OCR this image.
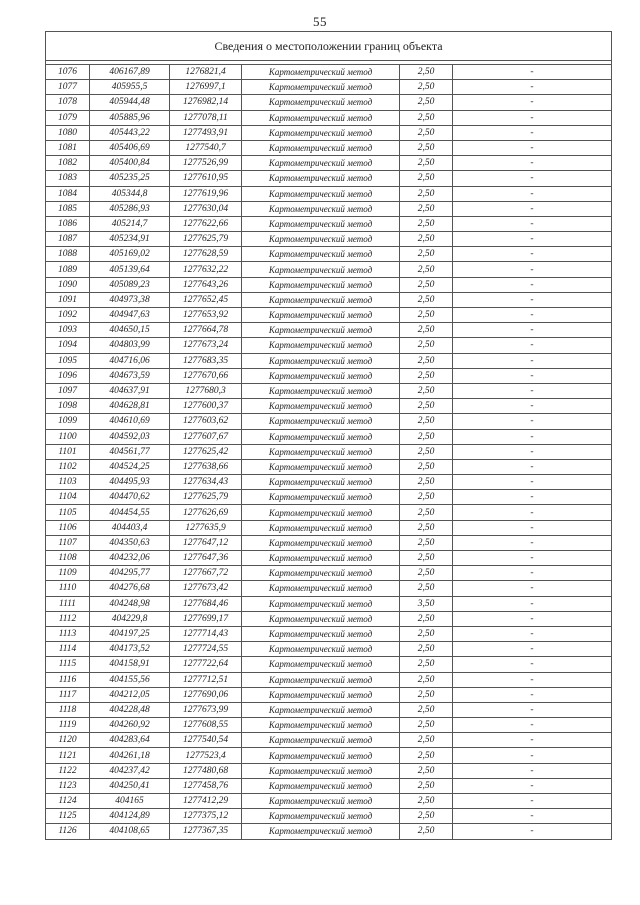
55
Сведения о местоположении границ объекта					

1076	406167,89	1276821,4	Картометрический метод	2,50	-
1077	405955,5	1276997,1	Картометрический метод	2,50	-
1078	405944,48	1276982,14	Картометрический метод	2,50	-
1079	405885,96	1277078,11	Картометрический метод	2,50	-
1080	405443,22	1277493,91	Картометрический метод	2,50	-
1081	405406,69	1277540,7	Картометрический метод	2,50	-
1082	405400,84	1277526,99	Картометрический метод	2,50	-
1083	405235,25	1277610,95	Картометрический метод	2,50	-
1084	405344,8	1277619,96	Картометрический метод	2,50	-
1085	405286,93	1277630,04	Картометрический метод	2,50	-
1086	405214,7	1277622,66	Картометрический метод	2,50	-
1087	405234,91	1277625,79	Картометрический метод	2,50	-
1088	405169,02	1277628,59	Картометрический метод	2,50	-
1089	405139,64	1277632,22	Картометрический метод	2,50	-
1090	405089,23	1277643,26	Картометрический метод	2,50	-
1091	404973,38	1277652,45	Картометрический метод	2,50	-
1092	404947,63	1277653,92	Картометрический метод	2,50	-
1093	404650,15	1277664,78	Картометрический метод	2,50	-
1094	404803,99	1277673,24	Картометрический метод	2,50	-
1095	404716,06	1277683,35	Картометрический метод	2,50	-
1096	404673,59	1277670,66	Картометрический метод	2,50	-
1097	404637,91	1277680,3	Картометрический метод	2,50	-
1098	404628,81	1277600,37	Картометрический метод	2,50	-
1099	404610,69	1277603,62	Картометрический метод	2,50	-
1100	404592,03	1277607,67	Картометрический метод	2,50	-
1101	404561,77	1277625,42	Картометрический метод	2,50	-
1102	404524,25	1277638,66	Картометрический метод	2,50	-
1103	404495,93	1277634,43	Картометрический метод	2,50	-
1104	404470,62	1277625,79	Картометрический метод	2,50	-
1105	404454,55	1277626,69	Картометрический метод	2,50	-
1106	404403,4	1277635,9	Картометрический метод	2,50	-
1107	404350,63	1277647,12	Картометрический метод	2,50	-
1108	404232,06	1277647,36	Картометрический метод	2,50	-
1109	404295,77	1277667,72	Картометрический метод	2,50	-
1110	404276,68	1277673,42	Картометрический метод	2,50	-
1111	404248,98	1277684,46	Картометрический метод	3,50	-
1112	404229,8	1277699,17	Картометрический метод	2,50	-
1113	404197,25	1277714,43	Картометрический метод	2,50	-
1114	404173,52	1277724,55	Картометрический метод	2,50	-
1115	404158,91	1277722,64	Картометрический метод	2,50	-
1116	404155,56	1277712,51	Картометрический метод	2,50	-
1117	404212,05	1277690,06	Картометрический метод	2,50	-
1118	404228,48	1277673,99	Картометрический метод	2,50	-
1119	404260,92	1277608,55	Картометрический метод	2,50	-
1120	404283,64	1277540,54	Картометрический метод	2,50	-
1121	404261,18	1277523,4	Картометрический метод	2,50	-
1122	404237,42	1277480,68	Картометрический метод	2,50	-
1123	404250,41	1277458,76	Картометрический метод	2,50	-
1124	404165	1277412,29	Картометрический метод	2,50	-
1125	404124,89	1277375,12	Картометрический метод	2,50	-
1126	404108,65	1277367,35	Картометрический метод	2,50	-
